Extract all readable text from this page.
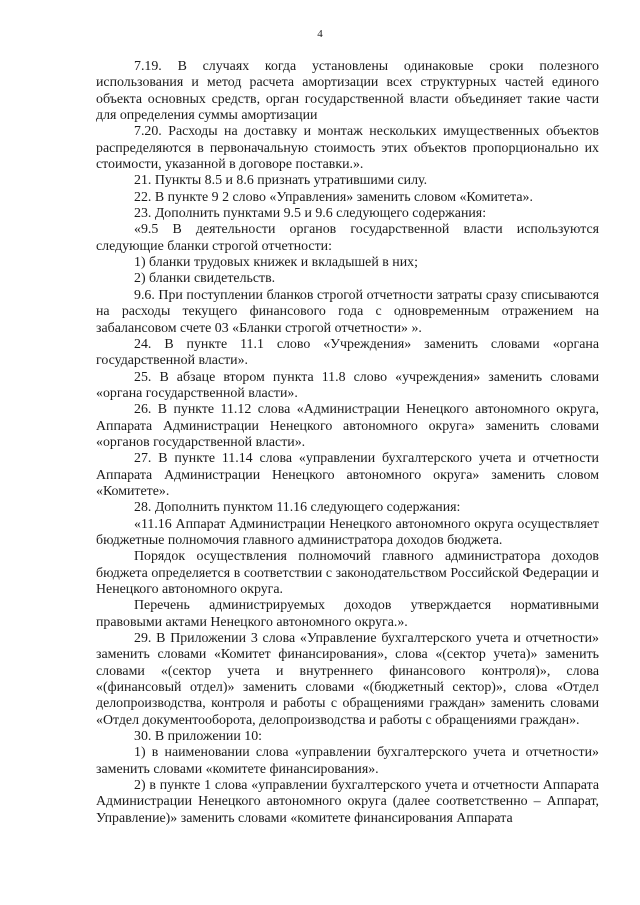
4

7.19. В случаях когда установлены одинаковые сроки полезного использования и метод расчета амортизации всех структурных частей единого объекта основных средств, орган государственной власти объединяет такие части для определения суммы амортизации

7.20. Расходы на доставку и монтаж нескольких имущественных объектов распределяются в первоначальную стоимость этих объектов пропорционально их стоимости, указанной в договоре поставки.».

21. Пункты 8.5 и 8.6 признать утратившими силу.

22. В пункте 9 2 слово «Управления» заменить словом «Комитета».

23. Дополнить пунктами 9.5 и 9.6 следующего содержания:

«9.5 В деятельности органов государственной власти используются следующие бланки строгой отчетности:

1) бланки трудовых книжек и вкладышей в них;

2) бланки свидетельств.

9.6. При поступлении бланков строгой отчетности затраты сразу списываются на расходы текущего финансового года с одновременным отражением на забалансовом счете 03 «Бланки строгой отчетности» ».

24. В пункте 11.1 слово «Учреждения» заменить словами «органа государственной власти».

25. В абзаце втором пункта 11.8 слово «учреждения» заменить словами «органа государственной власти».

26. В пункте 11.12 слова «Администрации Ненецкого автономного округа, Аппарата Администрации Ненецкого автономного округа» заменить словами «органов государственной власти».

27. В пункте 11.14 слова «управлении бухгалтерского учета и отчетности Аппарата Администрации Ненецкого автономного округа» заменить словом «Комитете».

28. Дополнить пунктом 11.16 следующего содержания:

«11.16 Аппарат Администрации Ненецкого автономного округа осуществляет бюджетные полномочия главного администратора доходов бюджета.

Порядок осуществления полномочий главного администратора доходов бюджета определяется в соответствии с законодательством Российской Федерации и Ненецкого автономного округа.

Перечень администрируемых доходов утверждается нормативными правовыми актами Ненецкого автономного округа.».

29. В Приложении 3 слова «Управление бухгалтерского учета и отчетности» заменить словами «Комитет финансирования», слова «(сектор учета)» заменить словами «(сектор учета и внутреннего финансового контроля)», слова «(финансовый отдел)» заменить словами «(бюджетный сектор)», слова «Отдел делопроизводства, контроля и работы с обращениями граждан» заменить словами «Отдел документооборота, делопроизводства и работы с обращениями граждан».

30. В приложении 10:

1) в наименовании слова «управлении бухгалтерского учета и отчетности» заменить словами «комитете финансирования».

2) в пункте 1 слова «управлении бухгалтерского учета и отчетности Аппарата Администрации Ненецкого автономного округа (далее соответственно – Аппарат, Управление)» заменить словами «комитете финансирования Аппарата
